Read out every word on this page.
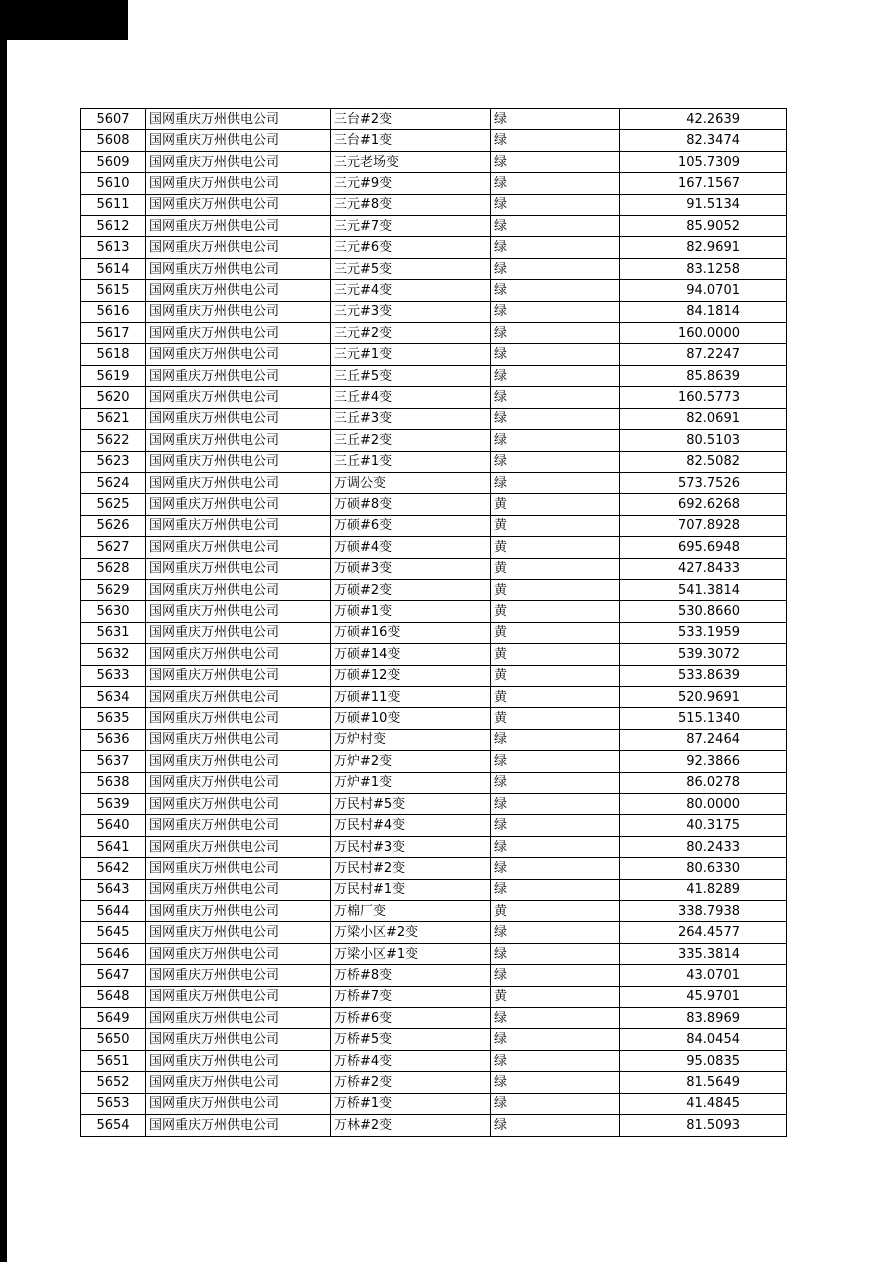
5607	国网重庆万州供电公司	三台#2变	绿	42.2639
5608	国网重庆万州供电公司	三台#1变	绿	82.3474
5609	国网重庆万州供电公司	三元老场变	绿	105.7309
5610	国网重庆万州供电公司	三元#9变	绿	167.1567
5611	国网重庆万州供电公司	三元#8变	绿	91.5134
5612	国网重庆万州供电公司	三元#7变	绿	85.9052
5613	国网重庆万州供电公司	三元#6变	绿	82.9691
5614	国网重庆万州供电公司	三元#5变	绿	83.1258
5615	国网重庆万州供电公司	三元#4变	绿	94.0701
5616	国网重庆万州供电公司	三元#3变	绿	84.1814
5617	国网重庆万州供电公司	三元#2变	绿	160.0000
5618	国网重庆万州供电公司	三元#1变	绿	87.2247
5619	国网重庆万州供电公司	三丘#5变	绿	85.8639
5620	国网重庆万州供电公司	三丘#4变	绿	160.5773
5621	国网重庆万州供电公司	三丘#3变	绿	82.0691
5622	国网重庆万州供电公司	三丘#2变	绿	80.5103
5623	国网重庆万州供电公司	三丘#1变	绿	82.5082
5624	国网重庆万州供电公司	万调公变	绿	573.7526
5625	国网重庆万州供电公司	万硕#8变	黄	692.6268
5626	国网重庆万州供电公司	万硕#6变	黄	707.8928
5627	国网重庆万州供电公司	万硕#4变	黄	695.6948
5628	国网重庆万州供电公司	万硕#3变	黄	427.8433
5629	国网重庆万州供电公司	万硕#2变	黄	541.3814
5630	国网重庆万州供电公司	万硕#1变	黄	530.8660
5631	国网重庆万州供电公司	万硕#16变	黄	533.1959
5632	国网重庆万州供电公司	万硕#14变	黄	539.3072
5633	国网重庆万州供电公司	万硕#12变	黄	533.8639
5634	国网重庆万州供电公司	万硕#11变	黄	520.9691
5635	国网重庆万州供电公司	万硕#10变	黄	515.1340
5636	国网重庆万州供电公司	万炉村变	绿	87.2464
5637	国网重庆万州供电公司	万炉#2变	绿	92.3866
5638	国网重庆万州供电公司	万炉#1变	绿	86.0278
5639	国网重庆万州供电公司	万民村#5变	绿	80.0000
5640	国网重庆万州供电公司	万民村#4变	绿	40.3175
5641	国网重庆万州供电公司	万民村#3变	绿	80.2433
5642	国网重庆万州供电公司	万民村#2变	绿	80.6330
5643	国网重庆万州供电公司	万民村#1变	绿	41.8289
5644	国网重庆万州供电公司	万棉厂变	黄	338.7938
5645	国网重庆万州供电公司	万梁小区#2变	绿	264.4577
5646	国网重庆万州供电公司	万梁小区#1变	绿	335.3814
5647	国网重庆万州供电公司	万桥#8变	绿	43.0701
5648	国网重庆万州供电公司	万桥#7变	黄	45.9701
5649	国网重庆万州供电公司	万桥#6变	绿	83.8969
5650	国网重庆万州供电公司	万桥#5变	绿	84.0454
5651	国网重庆万州供电公司	万桥#4变	绿	95.0835
5652	国网重庆万州供电公司	万桥#2变	绿	81.5649
5653	国网重庆万州供电公司	万桥#1变	绿	41.4845
5654	国网重庆万州供电公司	万林#2变	绿	81.5093
